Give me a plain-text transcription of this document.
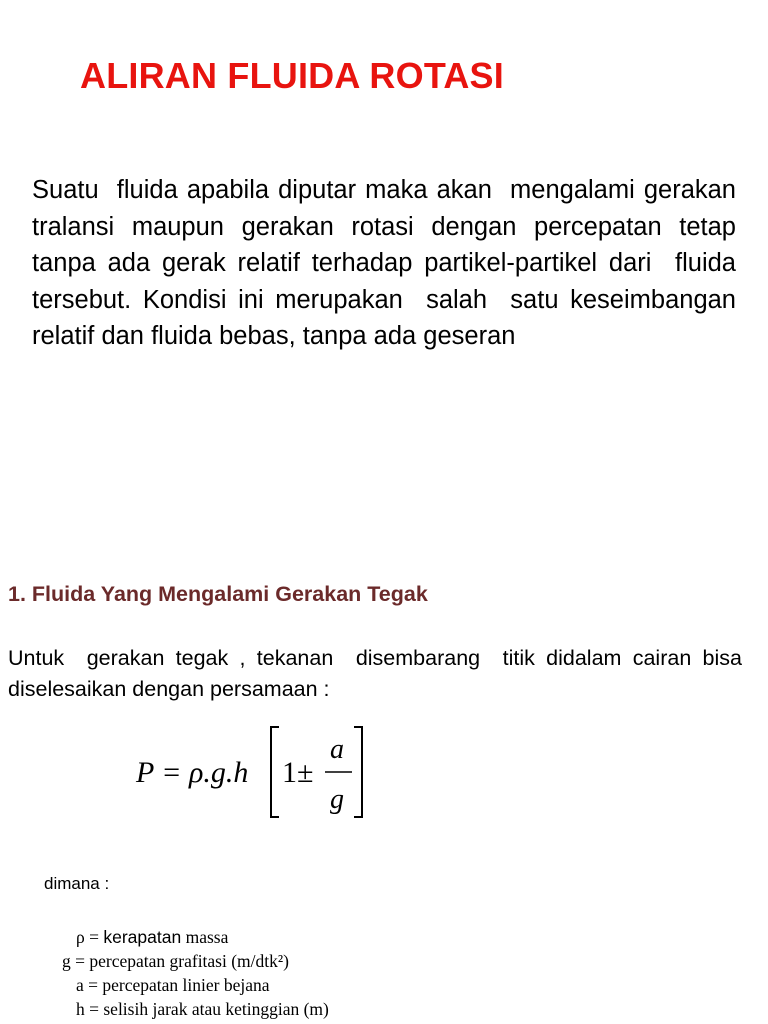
ALIRAN FLUIDA ROTASI
Suatu  fluida apabila diputar maka akan  mengalami gerakan tralansi maupun gerakan rotasi dengan percepatan tetap tanpa ada gerak relatif terhadap partikel-partikel dari  fluida tersebut. Kondisi ini merupakan  salah  satu keseimbangan relatif dan fluida bebas, tanpa ada geseran
1. Fluida Yang Mengalami Gerakan Tegak
Untuk  gerakan tegak , tekanan  disembarang  titik didalam cairan bisa diselesaikan dengan persamaan :
P = ρ.g.h 1±
a
g
dimana :
ρ = kerapatan massa
g = percepatan grafitasi (m/dtk²)
a = percepatan linier bejana
h = selisih jarak atau ketinggian (m)
